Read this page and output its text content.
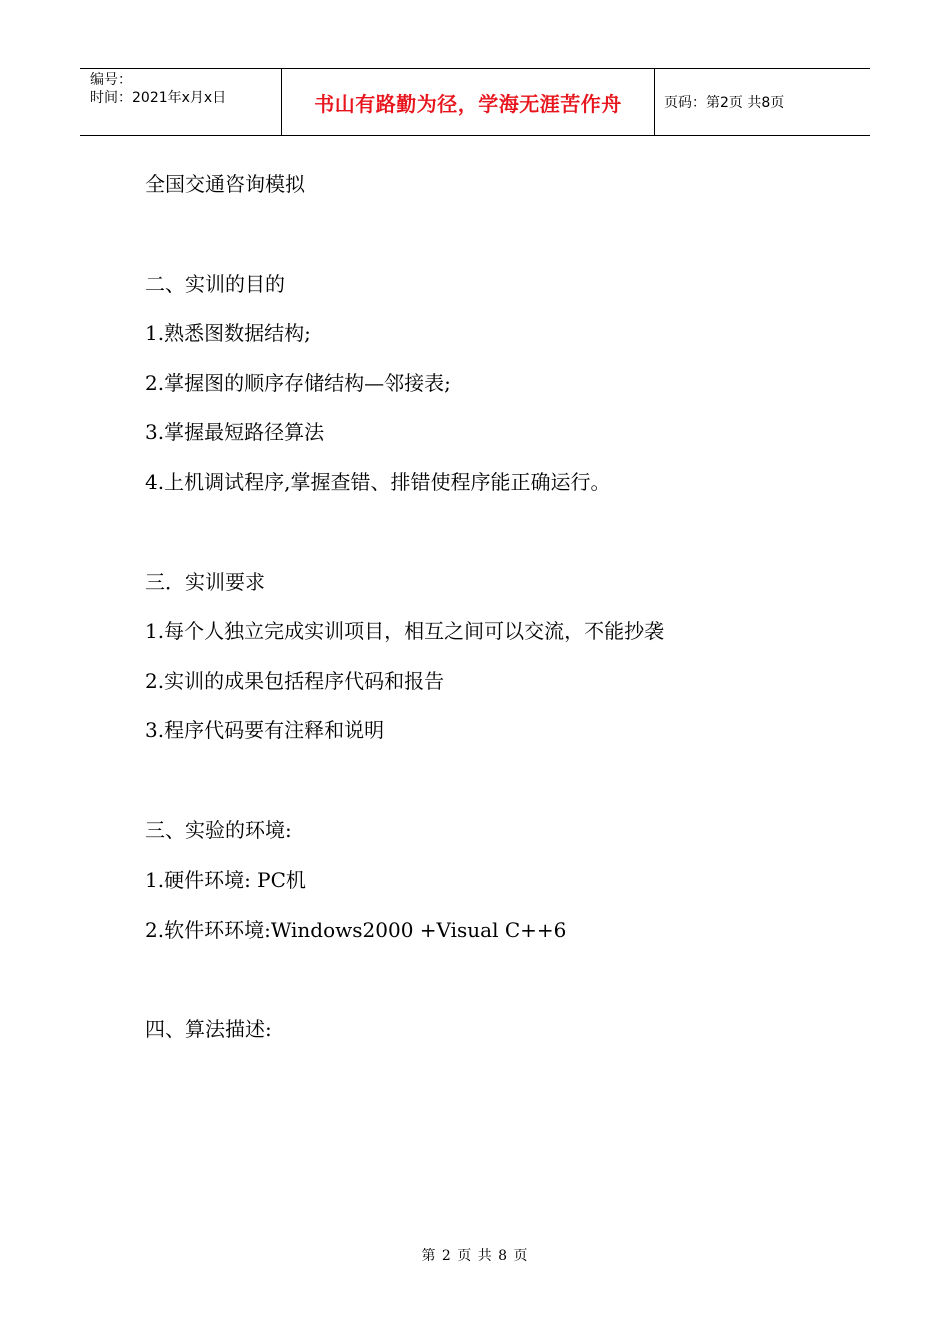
编号：
时间：2021年x月x日	书山有路勤为径，学海无涯苦作舟	页码：第2页 共8页
全国交通咨询模拟
二、实训的目的
1.熟悉图数据结构;
2.掌握图的顺序存储结构—邻接表;
3.掌握最短路径算法
4.上机调试程序,掌握查错、排错使程序能正确运行。
三．实训要求
1.每个人独立完成实训项目，相互之间可以交流，不能抄袭
2.实训的成果包括程序代码和报告
3.程序代码要有注释和说明
三、实验的环境:
1.硬件环境: PC机
2.软件环环境:Windows2000 +Visual C++6
四、算法描述:
第 2 页 共 8 页
